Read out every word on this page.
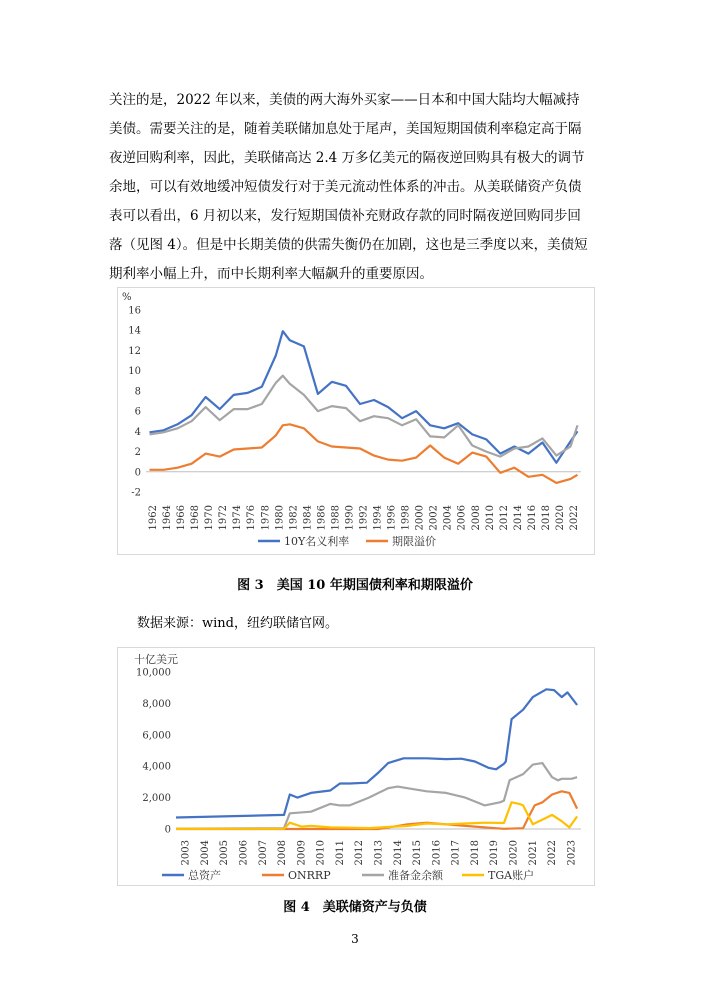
关注的是，2022 年以来，美债的两大海外买家——日本和中国大陆均大幅减持
美债。需要关注的是，随着美联储加息处于尾声，美国短期国债利率稳定高于隔
夜逆回购利率，因此，美联储高达 2.4 万多亿美元的隔夜逆回购具有极大的调节
余地，可以有效地缓冲短债发行对于美元流动性体系的冲击。从美联储资产负债
表可以看出，6 月初以来，发行短期国债补充财政存款的同时隔夜逆回购同步回
落（见图 4）。但是中长期美债的供需失衡仍在加剧，这也是三季度以来，美债短
期利率小幅上升，而中长期利率大幅飙升的重要原因。
%
-2
0
2
4
6
8
10
12
14
16
1962 1964 1966 1968 1970 1972 1974 1976 1978 1980 1982 1984 1986 1988 1990 1992 1994 1996 1998 2000 2002 2004 2006 2008 2010 2012 2014 2016 2018 2020 2022
10Y名义利率	期限溢价
图 3　美国 10 年期国债利率和期限溢价
数据来源：wind，纽约联储官网。
十亿美元
0
2,000
4,000
6,000
8,000
10,000
2003 2004 2005 2006 2007 2008 2009 2010 2011 2012 2013 2014 2015 2016 2017 2018 2019 2020 2021 2022 2023
总资产	ONRRP	准备金余额	TGA账户
图 4　美联储资产与负债
3
